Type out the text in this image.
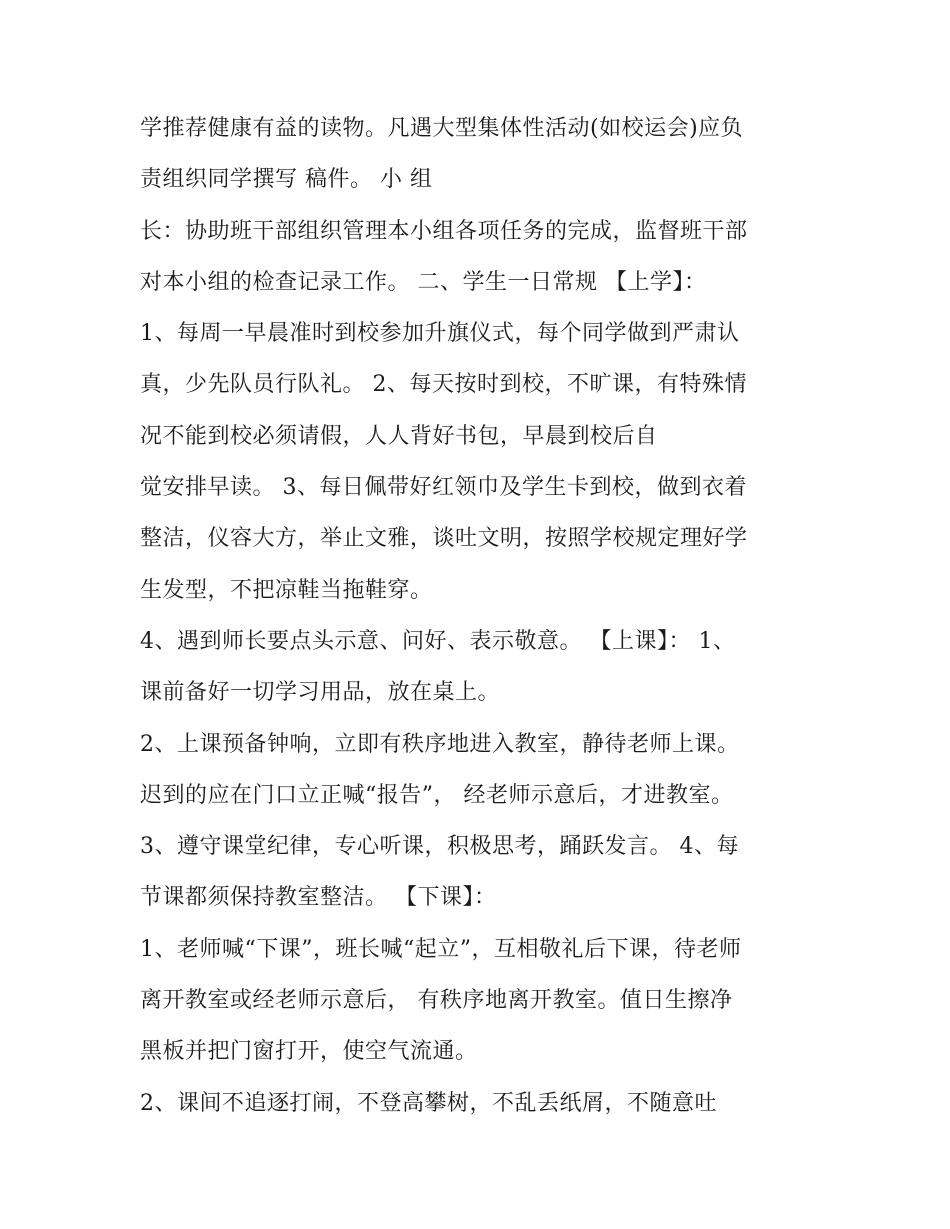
学推荐健康有益的读物。凡遇大型集体性活动(如校运会)应负
责组织同学撰写 稿件。 小 组
长：协助班干部组织管理本小组各项任务的完成，监督班干部
对本小组的检查记录工作。 二、学生一日常规 【上学】：
1、每周一早晨准时到校参加升旗仪式，每个同学做到严肃认
真，少先队员行队礼。 2、每天按时到校，不旷课，有特殊情
况不能到校必须请假，人人背好书包，早晨到校后自
觉安排早读。 3、每日佩带好红领巾及学生卡到校，做到衣着
整洁，仪容大方，举止文雅，谈吐文明，按照学校规定理好学
生发型，不把凉鞋当拖鞋穿。
4、遇到师长要点头示意、问好、表示敬意。 【上课】： 1、
课前备好一切学习用品，放在桌上。
2、上课预备钟响，立即有秩序地进入教室，静待老师上课。
迟到的应在门口立正喊“报告”， 经老师示意后，才进教室。
3、遵守课堂纪律，专心听课，积极思考，踊跃发言。 4、每
节课都须保持教室整洁。 【下课】：
1、老师喊“下课”，班长喊“起立”，互相敬礼后下课，待老师
离开教室或经老师示意后， 有秩序地离开教室。值日生擦净
黑板并把门窗打开，使空气流通。
2、课间不追逐打闹，不登高攀树，不乱丢纸屑，不随意吐
